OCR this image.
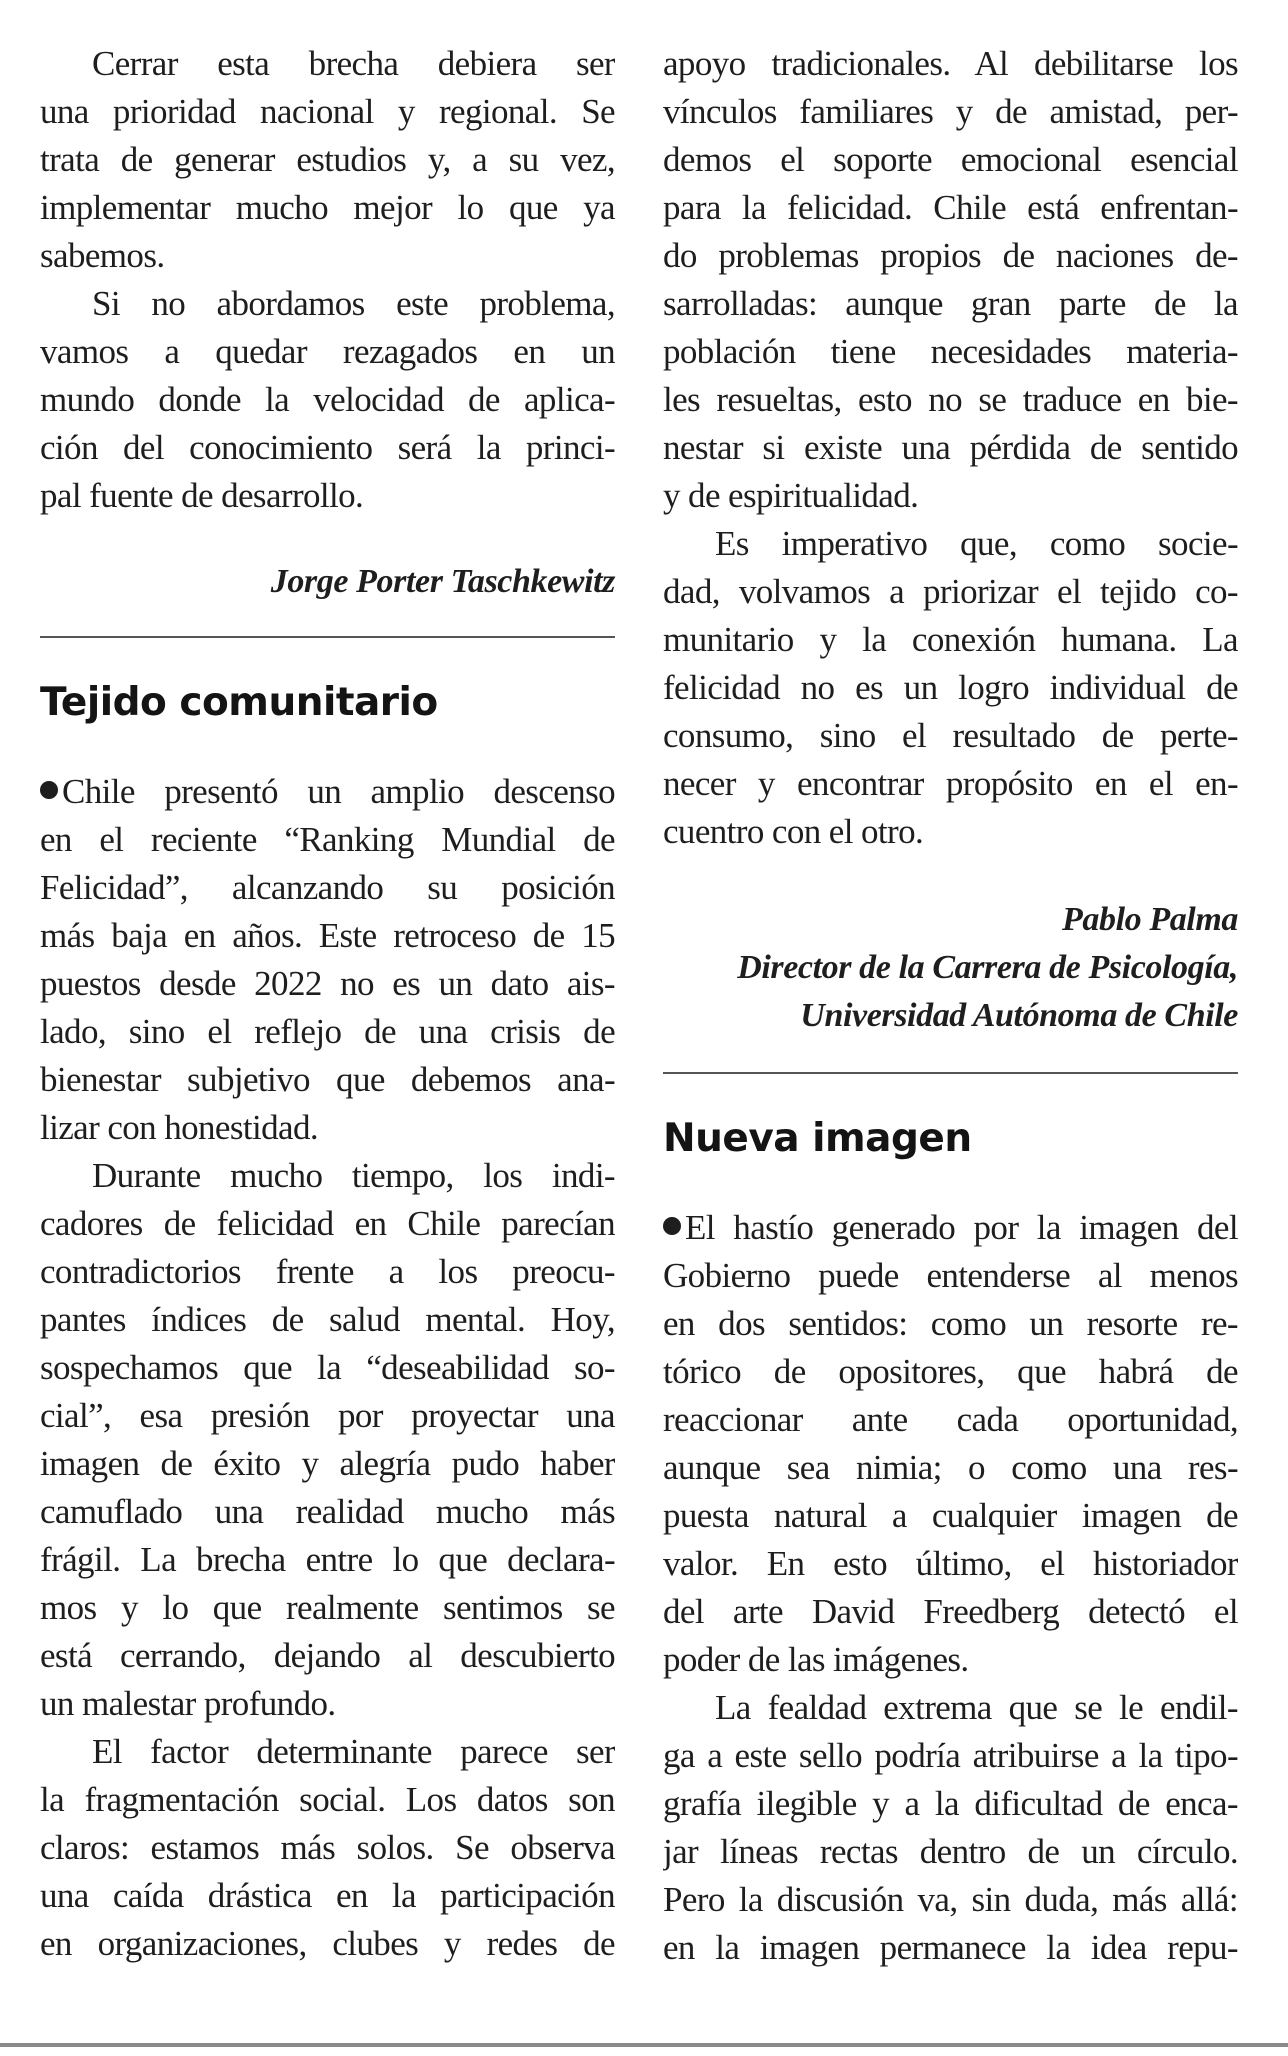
Cerrar esta brecha debiera ser
una prioridad nacional y regional. Se
trata de generar estudios y, a su vez,
implementar mucho mejor lo que ya
sabemos.
Si no abordamos este problema,
vamos a quedar rezagados en un
mundo donde la velocidad de aplica-
ción del conocimiento será la princi-
pal fuente de desarrollo.
Jorge Porter Taschkewitz
Tejido comunitario
Chile presentó un amplio descenso
en el reciente “Ranking Mundial de
Felicidad”, alcanzando su posición
más baja en años. Este retroceso de 15
puestos desde 2022 no es un dato ais-
lado, sino el reflejo de una crisis de
bienestar subjetivo que debemos ana-
lizar con honestidad.
Durante mucho tiempo, los indi-
cadores de felicidad en Chile parecían
contradictorios frente a los preocu-
pantes índices de salud mental. Hoy,
sospechamos que la “deseabilidad so-
cial”, esa presión por proyectar una
imagen de éxito y alegría pudo haber
camuflado una realidad mucho más
frágil. La brecha entre lo que declara-
mos y lo que realmente sentimos se
está cerrando, dejando al descubierto
un malestar profundo.
El factor determinante parece ser
la fragmentación social. Los datos son
claros: estamos más solos. Se observa
una caída drástica en la participación
en organizaciones, clubes y redes de
apoyo tradicionales. Al debilitarse los
vínculos familiares y de amistad, per-
demos el soporte emocional esencial
para la felicidad. Chile está enfrentan-
do problemas propios de naciones de-
sarrolladas: aunque gran parte de la
población tiene necesidades materia-
les resueltas, esto no se traduce en bie-
nestar si existe una pérdida de sentido
y de espiritualidad.
Es imperativo que, como socie-
dad, volvamos a priorizar el tejido co-
munitario y la conexión humana. La
felicidad no es un logro individual de
consumo, sino el resultado de perte-
necer y encontrar propósito en el en-
cuentro con el otro.
Pablo Palma
Director de la Carrera de Psicología,
Universidad Autónoma de Chile
Nueva imagen
El hastío generado por la imagen del
Gobierno puede entenderse al menos
en dos sentidos: como un resorte re-
tórico de opositores, que habrá de
reaccionar ante cada oportunidad,
aunque sea nimia; o como una res-
puesta natural a cualquier imagen de
valor. En esto último, el historiador
del arte David Freedberg detectó el
poder de las imágenes.
La fealdad extrema que se le endil-
ga a este sello podría atribuirse a la tipo-
grafía ilegible y a la dificultad de enca-
jar líneas rectas dentro de un círculo.
Pero la discusión va, sin duda, más allá:
en la imagen permanece la idea repu-
